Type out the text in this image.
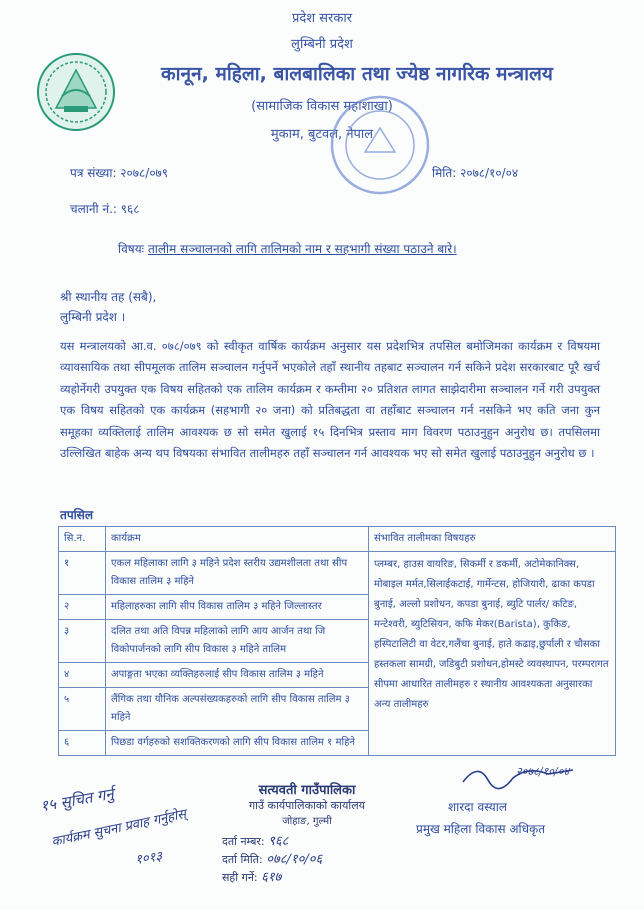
प्रदेश सरकार
लुम्बिनी प्रदेश
कानून, महिला, बालबालिका तथा ज्येष्ठ नागरिक मन्त्रालय
(सामाजिक विकास महाशाखा)
मुकाम, बुटवल, नेपाल
पत्र संख्या: २०७८/०७९	मिति: २०७८/१०/०४
चलानी नं.: ९६८
विषयः तालीम सञ्चालनको लागि तालिमको नाम र सहभागी संख्या पठाउने बारे।
श्री स्थानीय तह (सबै),
लुम्बिनी प्रदेश ।
यस मन्त्रालयको आ.व. ०७८/०७९ को स्वीकृत वार्षिक कार्यक्रम अनुसार यस प्रदेशभित्र तपसिल बमोजिमका कार्यक्रम र विषयमा व्यावसायिक तथा सीपमूलक तालिम सञ्चालन गर्नुपर्ने भएकोले तहाँ स्थानीय तहबाट सञ्चालन गर्न सकिने प्रदेश सरकारबाट पूरै खर्च व्यहोर्नेगरी उपयुक्त एक विषय सहितको एक तालिम कार्यक्रम र कम्तीमा २० प्रतिशत लागत साझेदारीमा सञ्चालन गर्ने गरी उपयुक्त एक विषय सहितको एक कार्यक्रम (सहभागी २० जना) को प्रतिबद्धता वा तहाँबाट सञ्चालन गर्न नसकिने भए कति जना कुन समूहका व्यक्तिलाई तालिम आवश्यक छ सो समेत खुलाई १५ दिनभित्र प्रस्ताव माग विवरण पठाउनुहुन अनुरोध छ। तपसिलमा उल्लिखित बाहेक अन्य थप विषयका संभावित तालीमहरु तहाँ सञ्चालन गर्न आवश्यक भए सो समेत खुलाई पठाउनुहुन अनुरोध छ ।
तपसिल
सि.न.	कार्यक्रम	संभावित तालीमका विषयहरु
१	एकल महिलाका लागि ३ महिने प्रदेश स्तरीय उद्यमशीलता तथा सीप विकास तालिम ३ महिने	प्लम्बर, हाउस वायरिङ, सिकर्मी र डकर्मी, अटोमेकानिक्स, मोबाइल मर्मत,सिलाईकटाई, गार्मेन्टस, होजियारी, ढाका कपडा बुनाई, अल्लो प्रशोधन, कपडा बुनाई, ब्युटि पार्लर/ कटिङ, मन्टेश्वरी, ब्युटिसियन, कफि मेकर(Barista), कुकिङ, हस्पिटालिटी वा वेटर,गलैंचा बुनाई, हाते कढाइ,छुर्पाली र चौसका हस्तकला सामग्री, जडिबुटी प्रशोधन,होमस्टे व्यवस्थापन, परम्परागत सीपमा आधारित तालीमहरु र स्थानीय आवश्यकता अनुसारका अन्य तालीमहरु
२	महिलाहरुका लागि सीप विकास तालिम ३ महिने जिल्लास्तर	
३	दलित तथा अति विपन्न महिलाको लागि आय आर्जन तथा जि विकोपार्जनको लागि सीप विकास ३ महिने तालिम	
४	अपाङ्गता भएका व्यक्तिहरुलाई सीप विकास तालिम ३ महिने	
५	लैंगिक तथा यौनिक अल्पसंख्यकहरुको लागि सीप विकास तालिम ३ महिने	
६	पिछडा वर्गहरुको सशक्तिकरणको लागि सीप विकास तालिम १ महिने	
१५ सुचित गर्नु
कार्यक्रम सुचना प्रवाह गर्नुहोस्
१०१३
सत्यवती गाउँपालिका
गाउँ कार्यपालिकाको कार्यालय
जोहाङ, गुल्मी
दर्ता नम्बर: ९६८
दर्ता मिति: ०७८/१०/०६
सही गर्ने: ६१७
२०७८/१०/०४
शारदा वस्याल
प्रमुख महिला विकास अधिकृत
